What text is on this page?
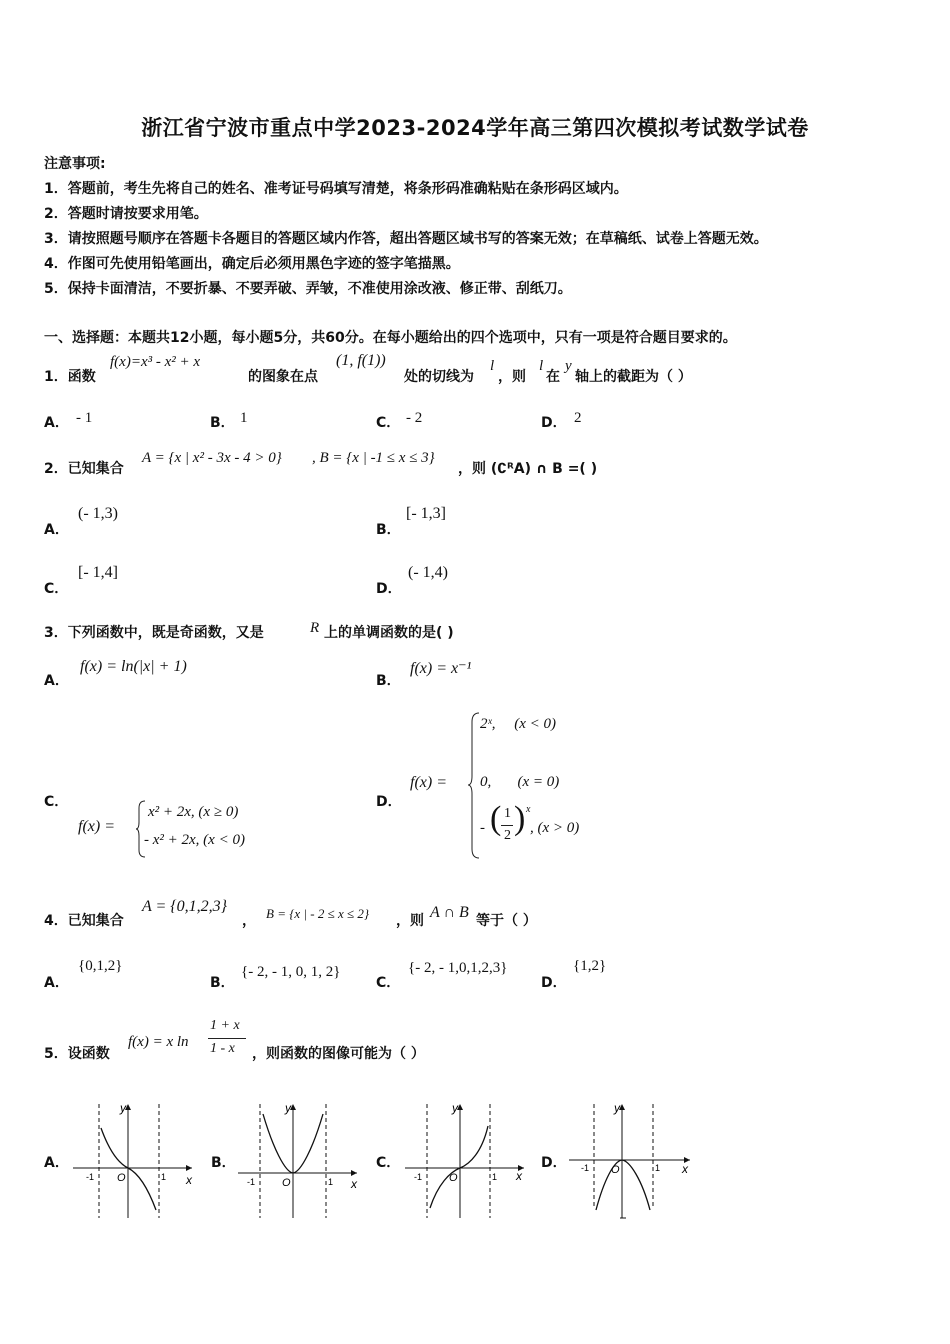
浙江省宁波市重点中学2023-2024学年高三第四次模拟考试数学试卷
注意事项:
1．答题前，考生先将自己的姓名、准考证号码填写清楚，将条形码准确粘贴在条形码区域内。
2．答题时请按要求用笔。
3．请按照题号顺序在答题卡各题目的答题区域内作答，超出答题区域书写的答案无效；在草稿纸、试卷上答题无效。
4．作图可先使用铅笔画出，确定后必须用黑色字迹的签字笔描黑。
5．保持卡面清洁，不要折暴、不要弄破、弄皱，不准使用涂改液、修正带、刮纸刀。
一、选择题：本题共12小题，每小题5分，共60分。在每小题给出的四个选项中，只有一项是符合题目要求的。
1．函数
f(x)=x³ - x² + x
的图象在点
(1, f(1))
处的切线为
l
，则
l
在
y
轴上的截距为（ ）
A． - 1	B． 1	C． - 2	D． 2
2．已知集合
A = {x | x² - 3x - 4 > 0} , B = {x | -1 ≤ x ≤ 3}
，则 (∁ᴿA) ∩ B =( )
A．
(- 1,3)
B．
[- 1,3]
C．
[- 1,4]
D．
(- 1,4)
3．下列函数中，既是奇函数，又是	R 上的单调函数的是( )
A．
f(x) = ln(|x| + 1)
B．
f(x) = x⁻¹
C．
f(x) =
x² + 2x, (x ≥ 0)
- x² + 2x, (x < 0)
D．
f(x) =
2ˣ,     (x < 0)
0,       (x = 0)
- ( 1
2 ) x
, (x > 0)
4．已知集合
A = {0,1,2,3}
， B = {x | - 2 ≤ x ≤ 2} ，则 A ∩ B 等于（ ）
A．
{0,1,2}
B．
{- 2, - 1, 0, 1, 2}
C．
{- 2, - 1,0,1,2,3}
D．
{1,2}
5．设函数
f(x) = x ln
1 + x
1 - x ，则函数的图像可能为（ ）
A．	B．	C．	D．
y
x
O
-1	1
y
x
O
-1	1
y
x
O
-1	1
y
x
O
-1	1
